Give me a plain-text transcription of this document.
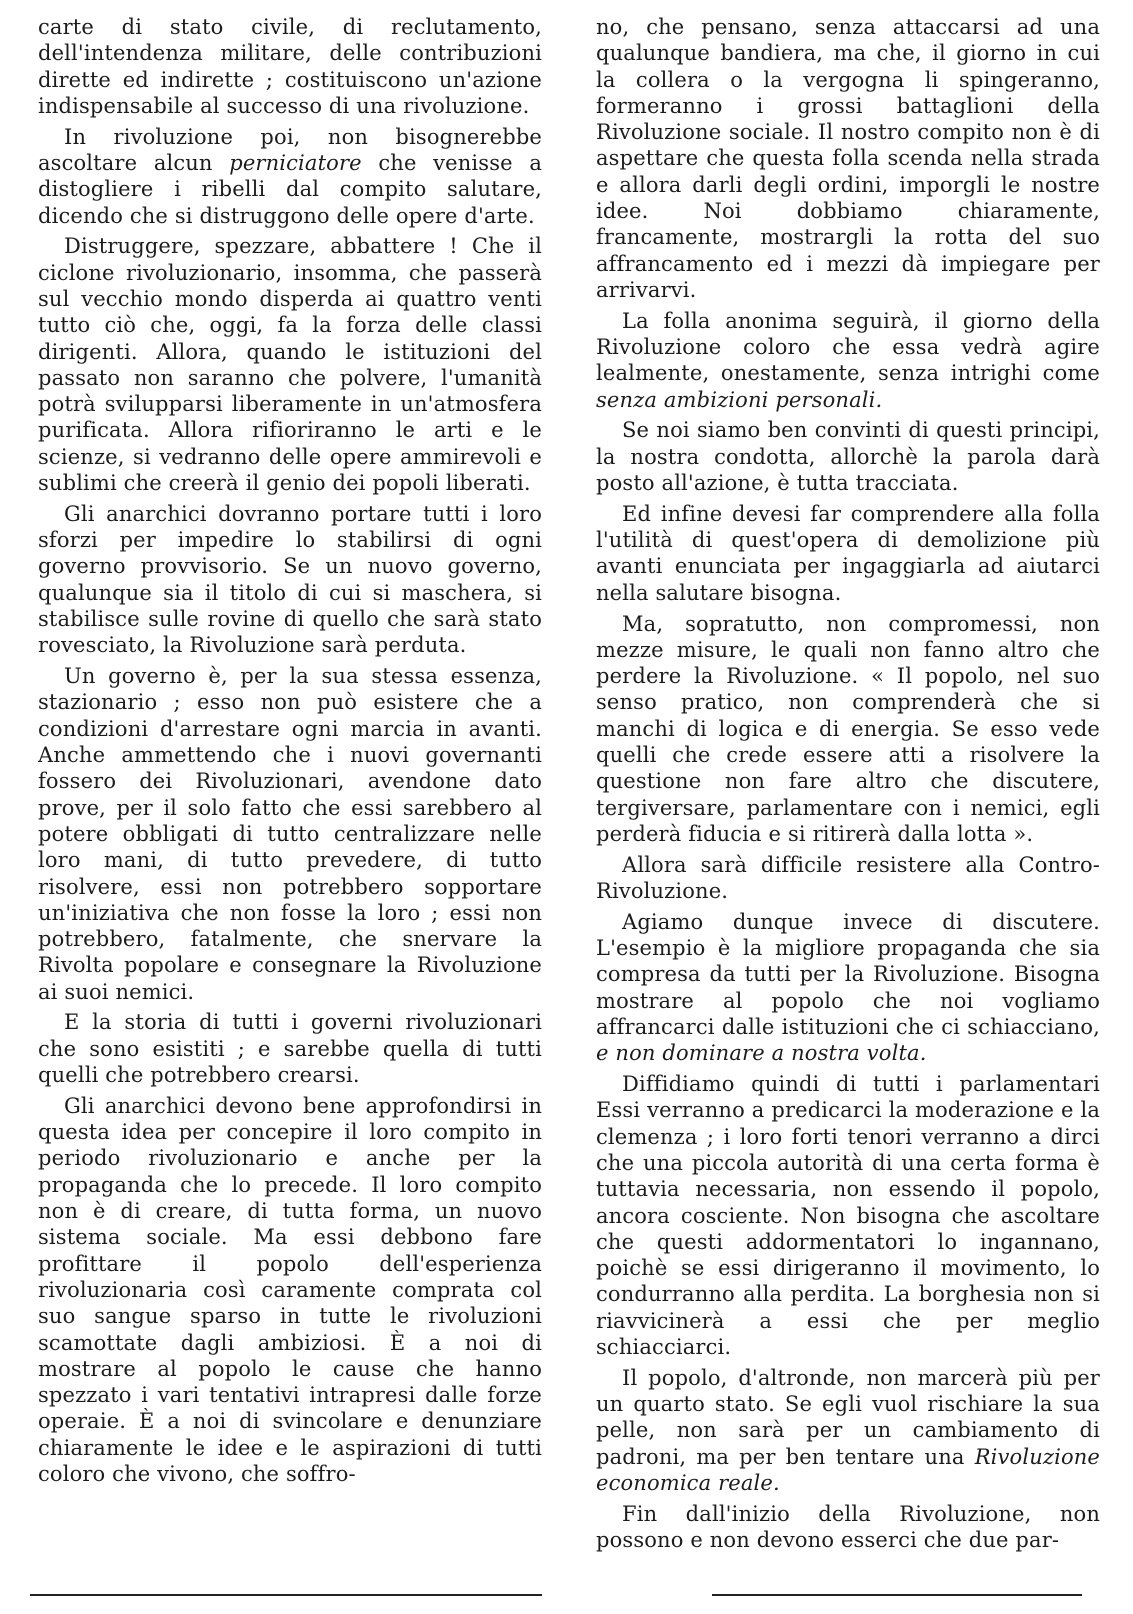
carte di stato civile, di reclutamento, dell'intendenza militare, delle contribuzioni dirette ed indirette ; costituiscono un'azione indispensabile al successo di una rivoluzione.

In rivoluzione poi, non bisognerebbe ascoltare alcun perniciatore che venisse a distogliere i ribelli dal compito salutare, dicendo che si distruggono delle opere d'arte.

Distruggere, spezzare, abbattere ! Che il ciclone rivoluzionario, insomma, che passerà sul vecchio mondo disperda ai quattro venti tutto ciò che, oggi, fa la forza delle classi dirigenti. Allora, quando le istituzioni del passato non saranno che polvere, l'umanità potrà svilupparsi liberamente in un'atmosfera purificata. Allora rifioriranno le arti e le scienze, si vedranno delle opere ammirevoli e sublimi che creerà il genio dei popoli liberati.

Gli anarchici dovranno portare tutti i loro sforzi per impedire lo stabilirsi di ogni governo provvisorio. Se un nuovo governo, qualunque sia il titolo di cui si maschera, si stabilisce sulle rovine di quello che sarà stato rovesciato, la Rivoluzione sarà perduta.

Un governo è, per la sua stessa essenza, stazionario ; esso non può esistere che a condizioni d'arrestare ogni marcia in avanti. Anche ammettendo che i nuovi governanti fossero dei Rivoluzionari, avendone dato prove, per il solo fatto che essi sarebbero al potere obbligati di tutto centralizzare nelle loro mani, di tutto prevedere, di tutto risolvere, essi non potrebbero sopportare un'iniziativa che non fosse la loro ; essi non potrebbero, fatalmente, che snervare la Rivolta popolare e consegnare la Rivoluzione ai suoi nemici.

E la storia di tutti i governi rivoluzionari che sono esistiti ; e sarebbe quella di tutti quelli che potrebbero crearsi.

Gli anarchici devono bene approfondirsi in questa idea per concepire il loro compito in periodo rivoluzionario e anche per la propaganda che lo precede. Il loro compito non è di creare, di tutta forma, un nuovo sistema sociale. Ma essi debbono fare profittare il popolo dell'esperienza rivoluzionaria così caramente comprata col suo sangue sparso in tutte le rivoluzioni scamottate dagli ambiziosi. È a noi di mostrare al popolo le cause che hanno spezzato i vari tentativi intrapresi dalle forze operaie. È a noi di svincolare e denunziare chiaramente le idee e le aspirazioni di tutti coloro che vivono, che soffro-

no, che pensano, senza attaccarsi ad una qualunque bandiera, ma che, il giorno in cui la collera o la vergogna li spingeranno, formeranno i grossi battaglioni della Rivoluzione sociale. Il nostro compito non è di aspettare che questa folla scenda nella strada e allora darli degli ordini, imporgli le nostre idee. Noi dobbiamo chiaramente, francamente, mostrargli la rotta del suo affrancamento ed i mezzi dà impiegare per arrivarvi.

La folla anonima seguirà, il giorno della Rivoluzione coloro che essa vedrà agire lealmente, onestamente, senza intrighi come senza ambizioni personali.

Se noi siamo ben convinti di questi principi, la nostra condotta, allorchè la parola darà posto all'azione, è tutta tracciata.

Ed infine devesi far comprendere alla folla l'utilità di quest'opera di demolizione più avanti enunciata per ingaggiarla ad aiutarci nella salutare bisogna.

Ma, sopratutto, non compromessi, non mezze misure, le quali non fanno altro che perdere la Rivoluzione. « Il popolo, nel suo senso pratico, non comprenderà che si manchi di logica e di energia. Se esso vede quelli che crede essere atti a risolvere la questione non fare altro che discutere, tergiversare, parlamentare con i nemici, egli perderà fiducia e si ritirerà dalla lotta ».

Allora sarà difficile resistere alla Contro-Rivoluzione.

Agiamo dunque invece di discutere. L'esempio è la migliore propaganda che sia compresa da tutti per la Rivoluzione. Bisogna mostrare al popolo che noi vogliamo affrancarci dalle istituzioni che ci schiacciano, e non dominare a nostra volta.

Diffidiamo quindi di tutti i parlamentari Essi verranno a predicarci la moderazione e la clemenza ; i loro forti tenori verranno a dirci che una piccola autorità di una certa forma è tuttavia necessaria, non essendo il popolo, ancora cosciente. Non bisogna che ascoltare che questi addormentatori lo ingannano, poichè se essi dirigeranno il movimento, lo condurranno alla perdita. La borghesia non si riavvicinerà a essi che per meglio schiacciarci.

Il popolo, d'altronde, non marcerà più per un quarto stato. Se egli vuol rischiare la sua pelle, non sarà per un cambiamento di padroni, ma per ben tentare una Rivoluzione economica reale.

Fin dall'inizio della Rivoluzione, non possono e non devono esserci che due par-
